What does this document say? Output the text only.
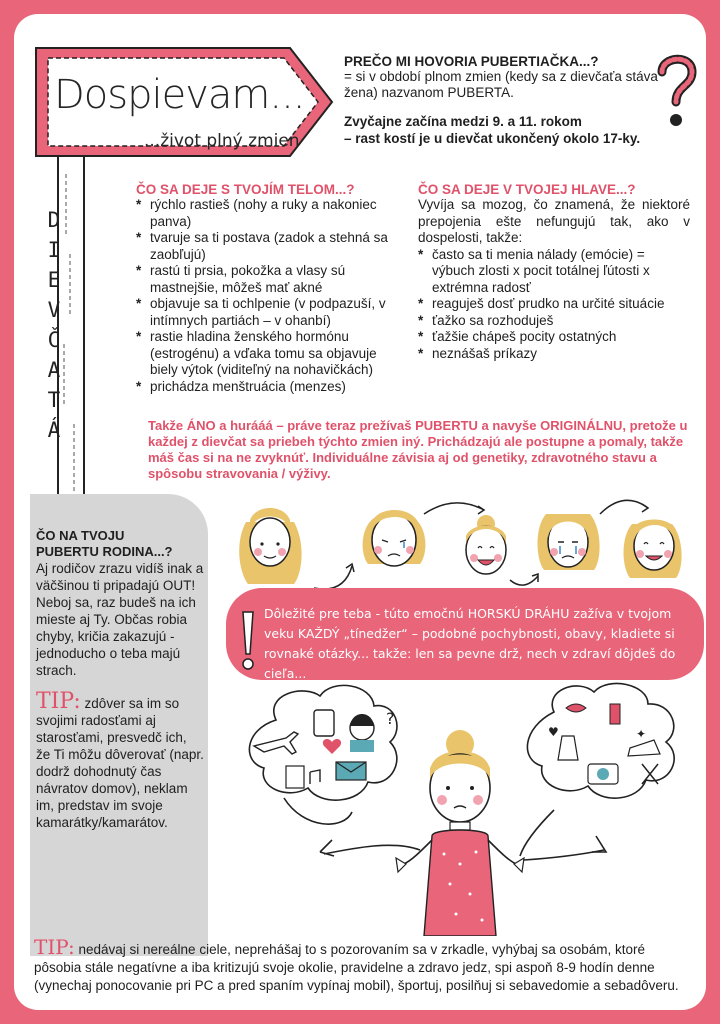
Dospievam...
...život plný zmien
D
I
E
V
Č
A
T
Á
PREČO MI HOVORIA PUBERTIAČKA...?
= si v období plnom zmien (kedy sa z dievčaťa stáva žena) nazvanom PUBERTA.
Zvyčajne začína medzi 9. a 11. rokom
– rast kostí je u dievčat ukončený okolo 17-ky.
ČO SA DEJE S TVOJÍM TELOM...?
* rýchlo rastieš (nohy a ruky a nakoniec panva)
* tvaruje sa ti postava (zadok a stehná sa zaobľujú)
* rastú ti prsia, pokožka a vlasy sú mastnejšie, môžeš mať akné
* objavuje sa ti ochlpenie (v podpazuší, v intímnych partiách – v ohanbí)
* rastie hladina ženského hormónu (estrogénu) a vďaka tomu sa objavuje biely výtok (viditeľný na nohavičkách)
* prichádza menštruácia (menzes)
ČO SA DEJE V TVOJEJ HLAVE...?
Vyvíja sa mozog, čo znamená, že niektoré prepojenia ešte nefungujú tak, ako v dospelosti, takže:
* často sa ti menia nálady (emócie) = výbuch zlosti x pocit totálnej ľútosti x extrémna radosť
* reaguješ dosť prudko na určité situácie
* ťažko sa rozhoduješ
* ťažšie chápeš pocity ostatných
* neznášaš príkazy
Takže ÁNO a hurááá – práve teraz prežívaš PUBERTU a navyše ORIGINÁLNU, pretože u každej z dievčat sa priebeh týchto zmien iný. Prichádzajú ale postupne a pomaly, takže máš čas si na ne zvyknúť. Individuálne závisia aj od genetiky, zdravotného stavu a spôsobu stravovania / výživy.
ČO NA TVOJU
PUBERTU RODINA...?
Aj rodičov zrazu vidíš inak a väčšinou ti pripadajú OUT! Neboj sa, raz budeš na ich mieste aj Ty. Občas robia chyby, kričia zakazujú - jednoducho o teba majú strach.
TIP: zdôver sa im so svojimi radosťami aj starosťami, presvedč ich, že Ti môžu dôverovať (napr. dodrž dohodnutý čas návratov domov), neklam im, predstav im svoje kamarátky/kamarátov.
Dôležité pre teba - túto emočnú HORSKÚ DRÁHU zažíva v tvojom veku KAŽDÝ „tínedžer“ – podobné pochybnosti, obavy, kladiete si rovnaké otázky... takže: len sa pevne drž, nech v zdraví dôjdeš do cieľa...
?
♥	✦
TIP: nedávaj si nereálne ciele, neprehášaj to s pozorovaním sa v zrkadle, vyhýbaj sa osobám, ktoré pôsobia stále negatívne a iba kritizujú svoje okolie, pravidelne a zdravo jedz, spi aspoň 8-9 hodín denne (vynechaj ponocovanie pri PC a pred spaním vypínaj mobil), športuj, posilňuj si sebavedomie a sebadôveru.
